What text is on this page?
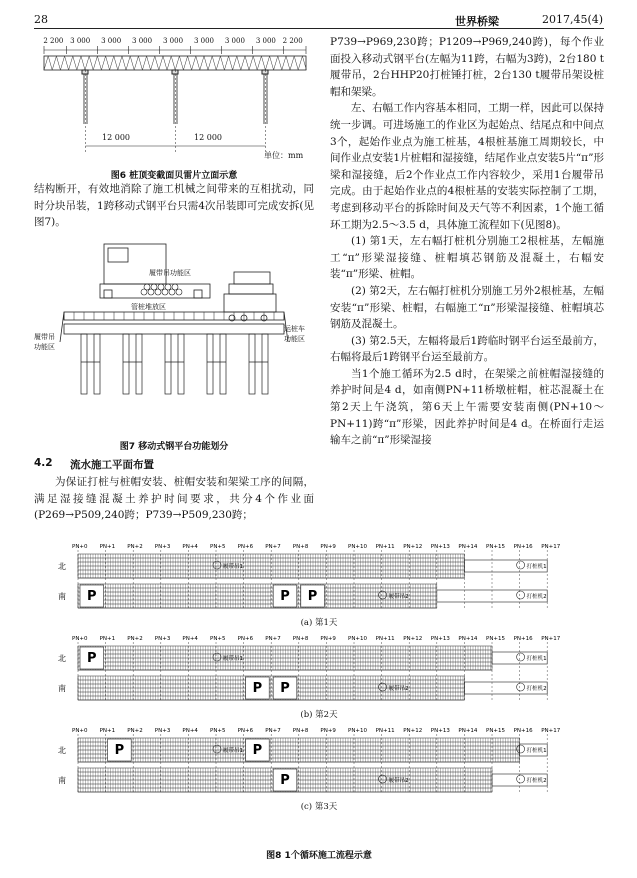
28	世界桥梁	2017,45(4)
2 200 3 000 3 000 3 000 3 000 3 000 3 000 3 000 2 200
12 000	12 000
单位：mm
图6 桩顶变截面贝雷片立面示意

结构断开，有效地消除了施工机械之间带来的互相扰动，同时分块吊装，1跨移动式钢平台只需4次吊装即可完成安拆(见图7)。

履带吊功能区
管桩堆放区
履带吊
功能区
运桩车
功能区
图7 移动式钢平台功能划分
4.2 流水施工平面布置

为保证打桩与桩帽安装、桩帽安装和架梁工序的间隔，满足湿接缝混凝土养护时间要求，共分4个作业面(P269→P509,240跨；P739→P509,230跨；

P739→P969,230跨；P1209→P969,240跨)，每个作业面投入移动式钢平台(左幅为11跨，右幅为3跨)，2台180 t履带吊，2台HHP20打桩锤打桩，2台130 t履带吊架设桩帽和架梁。

左、右幅工作内容基本相同，工期一样，因此可以保持统一步调。可进场施工的作业区为起始点、结尾点和中间点3个，起始作业点为施工桩基，4根桩基施工周期较长，中间作业点安装1片桩帽和湿接缝，结尾作业点安装5片“π”形梁和湿接缝，后2个作业点工作内容较少，采用1台履带吊完成。由于起始作业点的4根桩基的安装实际控制了工期，考虑到移动平台的拆除时间及天气等不利因素，1个施工循环工期为2.5～3.5 d，具体施工流程如下(见图8)。

(1) 第1天，左右幅打桩机分别施工2根桩基，左幅施工“π”形梁湿接缝、桩帽填芯钢筋及混凝土，右幅安装“π”形梁、桩帽。

(2) 第2天，左右幅打桩机分别施工另外2根桩基，左幅安装“π”形梁、桩帽，右幅施工“π”形梁湿接缝、桩帽填芯钢筋及混凝土。

(3) 第2.5天，左幅将最后1跨临时钢平台运至最前方，右幅将最后1跨钢平台运至最前方。

当1个施工循环为2.5 d时，在架梁之前桩帽湿接缝的养护时间是4 d，如南侧PN+11桥墩桩帽，桩芯混凝土在第2天上午浇筑，第6天上午需要安装南侧(PN+10～PN+11)跨“π”形梁，因此养护时间是4 d。在桥面行走运输车之前“π”形梁湿接

PN+0 PN+1 PN+2 PN+3 PN+4 PN+5 PN+6 PN+7 PN+8 PN+9 PN+10 PN+11 PN+12 PN+13 PN+14 PN+15 PN+16 PN+17
北
南 P	P P
履带吊1
履带吊2
打桩机1
打桩机2
(a) 第1天
PN+0 PN+1 PN+2 PN+3 PN+4 PN+5 PN+6 PN+7 PN+8 PN+9 PN+10 PN+11 PN+12 PN+13 PN+14 PN+15 PN+16 PN+17
北
南
P
P P
履带吊1
履带吊2
打桩机1
打桩机2
(b) 第2天
PN+0 PN+1 PN+2 PN+3 PN+4 PN+5 PN+6 PN+7 PN+8 PN+9 PN+10 PN+11 PN+12 PN+13 PN+14 PN+15 PN+16 PN+17
北
南
P	P
P
履带吊1
履带吊2
打桩机1
打桩机2
(c) 第3天
图8 1个循环施工流程示意
